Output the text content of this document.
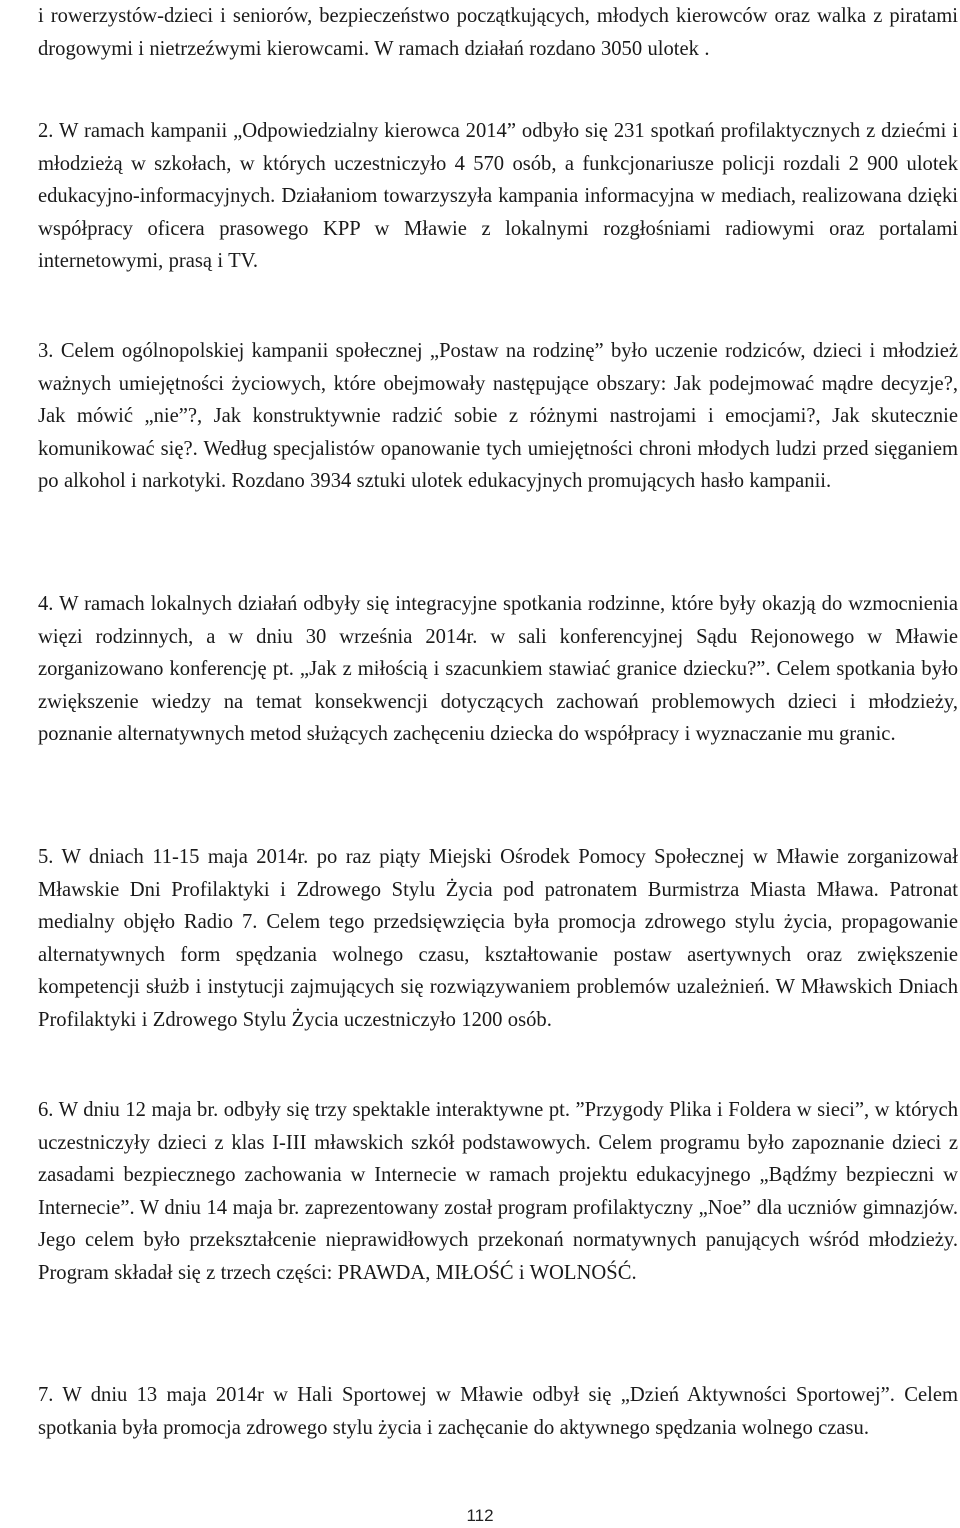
i rowerzystów-dzieci i seniorów, bezpieczeństwo początkujących, młodych kierowców oraz walka z piratami drogowymi i nietrzeźwymi kierowcami. W ramach działań rozdano 3050 ulotek .
2. W ramach kampanii „Odpowiedzialny kierowca 2014” odbyło się 231 spotkań profilaktycznych z dziećmi i młodzieżą w szkołach, w których uczestniczyło 4 570 osób, a funkcjonariusze policji rozdali 2 900 ulotek edukacyjno-informacyjnych. Działaniom towarzyszyła kampania informacyjna w mediach, realizowana dzięki współpracy oficera prasowego KPP w Mławie z lokalnymi rozgłośniami radiowymi oraz portalami internetowymi, prasą i TV.
3. Celem ogólnopolskiej kampanii społecznej „Postaw na rodzinę” było uczenie rodziców, dzieci i młodzież ważnych umiejętności życiowych, które obejmowały następujące obszary: Jak podejmować mądre decyzje?, Jak mówić „nie”?, Jak konstruktywnie radzić sobie z różnymi nastrojami i emocjami?, Jak skutecznie komunikować się?. Według specjalistów opanowanie tych umiejętności chroni młodych ludzi przed sięganiem po alkohol i narkotyki. Rozdano 3934 sztuki ulotek edukacyjnych promujących hasło kampanii.
4. W ramach lokalnych działań odbyły się integracyjne spotkania rodzinne, które były okazją do wzmocnienia więzi rodzinnych, a w dniu 30 września 2014r. w sali konferencyjnej Sądu Rejonowego w Mławie zorganizowano konferencję pt. „Jak z miłością i szacunkiem stawiać granice dziecku?”. Celem spotkania było zwiększenie wiedzy na temat konsekwencji dotyczących zachowań problemowych dzieci i młodzieży, poznanie alternatywnych metod służących zachęceniu dziecka do współpracy i wyznaczanie mu granic.
5. W dniach 11-15 maja 2014r. po raz piąty Miejski Ośrodek Pomocy Społecznej w Mławie zorganizował Mławskie Dni Profilaktyki i Zdrowego Stylu Życia pod patronatem Burmistrza Miasta Mława. Patronat medialny objęło Radio 7. Celem tego przedsięwzięcia była promocja zdrowego stylu życia, propagowanie alternatywnych form spędzania wolnego czasu, kształtowanie postaw asertywnych oraz zwiększenie kompetencji służb i instytucji zajmujących się rozwiązywaniem problemów uzależnień. W Mławskich Dniach Profilaktyki i Zdrowego Stylu Życia uczestniczyło 1200 osób.
6. W dniu 12 maja br. odbyły się trzy spektakle interaktywne pt. ”Przygody Plika i Foldera w sieci”, w których uczestniczyły dzieci z klas I-III mławskich szkół podstawowych. Celem programu było zapoznanie dzieci z zasadami bezpiecznego zachowania w Internecie w ramach projektu edukacyjnego „Bądźmy bezpieczni w Internecie”. W dniu 14 maja br. zaprezentowany został program profilaktyczny „Noe” dla uczniów gimnazjów. Jego celem było przekształcenie nieprawidłowych przekonań normatywnych panujących wśród młodzieży. Program składał się z trzech części: PRAWDA, MIŁOŚĆ i WOLNOŚĆ.
7. W dniu 13 maja 2014r w Hali Sportowej w Mławie odbył się „Dzień Aktywności Sportowej”. Celem spotkania była promocja zdrowego stylu życia i zachęcanie do aktywnego spędzania wolnego czasu.
112
